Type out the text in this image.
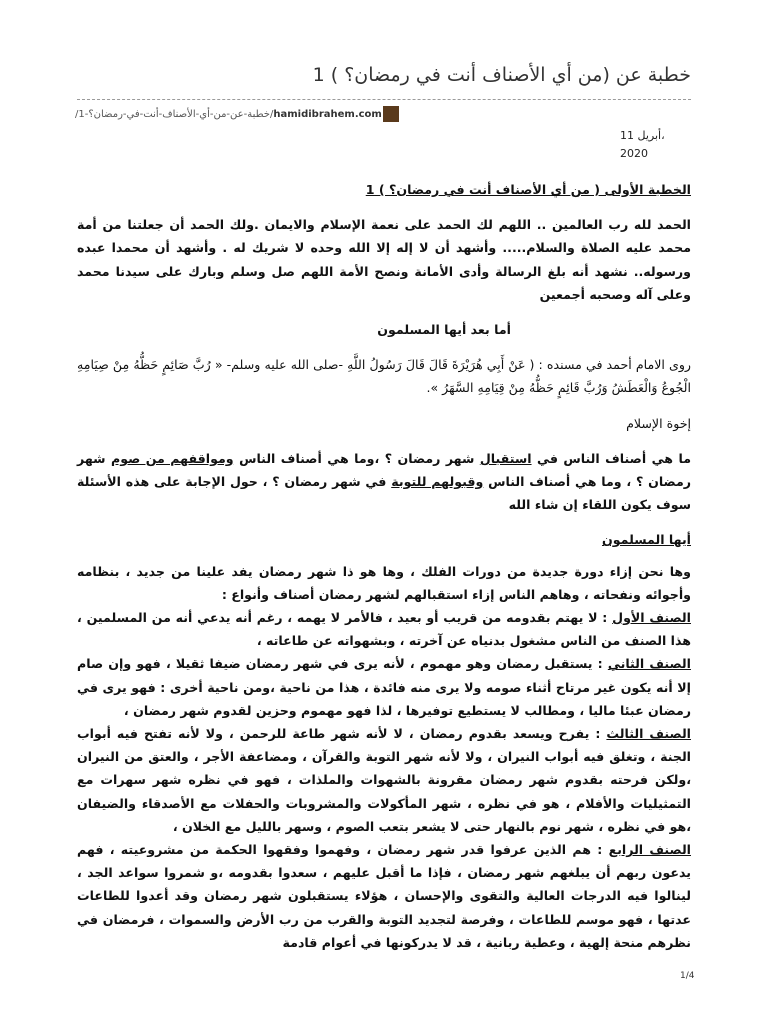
خطبة عن (من أي الأصناف أنت في رمضان؟ ) 1
/خطبة-عن-من-أي-الأصناف-أنت-في-رمضان؟-1/hamidibrahem.com
11 أبريل،
2020

الخطبة الأولى ( من أي الأصناف أنت في رمضان؟ ) 1

الحمد لله رب العالمين .. اللهم لك الحمد على نعمة الإسلام والايمان .ولك الحمد أن جعلتنا من أمة محمد عليه الصلاة والسلام..... وأشهد أن لا إله إلا الله وحده لا شريك له . وأشهد أن محمدا عبده ورسوله.. نشهد أنه بلغ الرسالة وأدى الأمانة ونصح الأمة اللهم صل وسلم وبارك على سيدنا محمد وعلى آله وصحبه أجمعين

أما بعد أيها المسلمون

روى الامام أحمد في مسنده : ( عَنْ أَبِي هُرَيْرَةَ قَالَ قَالَ رَسُولُ اللَّهِ -صلى الله عليه وسلم- « رُبَّ صَائِمٍ حَظُّهُ مِنْ صِيَامِهِ الْجُوعُ وَالْعَطَشُ وَرُبَّ قَائِمٍ حَظُّهُ مِنْ قِيَامِهِ السَّهَرُ ».

إخوة الإسلام

ما هي أصناف الناس في استقبال شهر رمضان ؟ ،وما هي أصناف الناس ومواقفهم من صوم شهر رمضان ؟ ، وما هي أصناف الناس وقبولهم للتوبة في شهر رمضان ؟ ، حول الإجابة على هذه الأسئلة سوف يكون اللقاء إن شاء الله

أيها المسلمون

وها نحن إزاء دورة جديدة من دورات الفلك ، وها هو ذا شهر رمضان يفد علينا من جديد ، بنظامه وأجوائه ونفحاته ، وهاهم الناس إزاء استقبالهم لشهر رمضان أصناف وأنواع :

الصنف الأول : لا يهتم بقدومه من قريب أو بعيد ، فالأمر لا يهمه ، رغم أنه يدعي أنه من المسلمين ، هذا الصنف من الناس مشغول بدنياه عن آخرته ، وبشهواته عن طاعاته ،

الصنف الثاني : يستقبل رمضان وهو مهموم ، لأنه يرى في شهر رمضان ضيفا ثقيلا ، فهو وإن صام إلا أنه يكون غير مرتاح أثناء صومه ولا يرى منه فائدة ، هذا من ناحية ،ومن ناحية أخرى : فهو يرى في رمضان عبئا ماليا ، ومطالب لا يستطيع توفيرها ، لذا فهو مهموم وحزين لقدوم شهر رمضان ،

الصنف الثالث : يفرح ويسعد بقدوم رمضان ، لا لأنه شهر طاعة للرحمن ، ولا لأنه تفتح فيه أبواب الجنة ، وتغلق فيه أبواب النيران ، ولا لأنه شهر التوبة والقرآن ، ومضاعفة الأجر ، والعتق من النيران ،ولكن فرحته بقدوم شهر رمضان مقرونة بالشهوات والملذات ، فهو في نظره شهر سهرات مع التمثيليات والأفلام ، هو في نظره ، شهر المأكولات والمشروبات والحفلات مع الأصدقاء والضيفان ،هو في نظره ، شهر نوم بالنهار حتى لا يشعر بتعب الصوم ، وسهر بالليل مع الخلان ،

الصنف الرابع : هم الذين عرفوا قدر شهر رمضان ، وفهموا وفقهوا الحكمة من مشروعيته ، فهم يدعون ربهم أن يبلغهم شهر رمضان ، فإذا ما أقبل عليهم ، سعدوا بقدومه ،و شمروا سواعد الجد ، لينالوا فيه الدرجات العالية والتقوى والإحسان ، هؤلاء يستقبلون شهر رمضان وقد أعدوا للطاعات عدتها ، فهو موسم للطاعات ، وفرصة لتجديد التوبة والقرب من رب الأرض والسموات ، فرمضان في نظرهم منحة إلهية ، وعطية ربانية ، قد لا يدركونها في أعوام قادمة

1/4
